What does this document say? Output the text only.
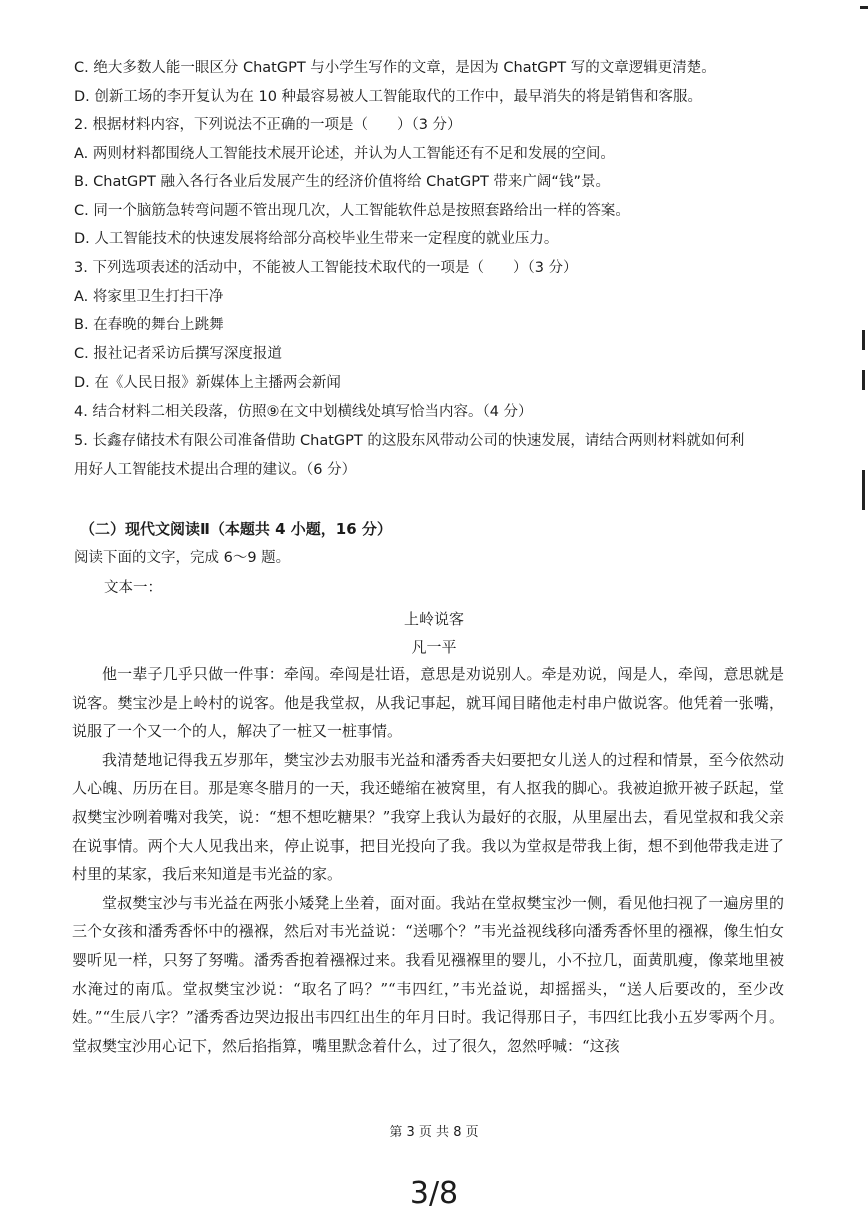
C. 绝大多数人能一眼区分 ChatGPT 与小学生写作的文章，是因为 ChatGPT 写的文章逻辑更清楚。
D. 创新工场的李开复认为在 10 种最容易被人工智能取代的工作中，最早消失的将是销售和客服。
2. 根据材料内容，下列说法不正确的一项是（　　）（3 分）
A. 两则材料都围绕人工智能技术展开论述，并认为人工智能还有不足和发展的空间。
B. ChatGPT 融入各行各业后发展产生的经济价值将给 ChatGPT 带来广阔“钱”景。
C. 同一个脑筋急转弯问题不管出现几次，人工智能软件总是按照套路给出一样的答案。
D. 人工智能技术的快速发展将给部分高校毕业生带来一定程度的就业压力。
3. 下列选项表述的活动中，不能被人工智能技术取代的一项是（　　）（3 分）
A. 将家里卫生打扫干净
B. 在春晚的舞台上跳舞
C. 报社记者采访后撰写深度报道
D. 在《人民日报》新媒体上主播两会新闻
4. 结合材料二相关段落，仿照⑨在文中划横线处填写恰当内容。（4 分）
5. 长鑫存储技术有限公司准备借助 ChatGPT 的这股东风带动公司的快速发展，请结合两则材料就如何利
用好人工智能技术提出合理的建议。（6 分）
（二）现代文阅读Ⅱ（本题共 4 小题，16 分）
阅读下面的文字，完成 6～9 题。
文本一：
上岭说客
凡一平

他一辈子几乎只做一件事：牵闯。牵闯是壮语，意思是劝说别人。牵是劝说，闯是人，牵闯，意思就是说客。樊宝沙是上岭村的说客。他是我堂叔，从我记事起，就耳闻目睹他走村串户做说客。他凭着一张嘴，说服了一个又一个的人，解决了一桩又一桩事情。

我清楚地记得我五岁那年，樊宝沙去劝服韦光益和潘秀香夫妇要把女儿送人的过程和情景，至今依然动人心魄、历历在目。那是寒冬腊月的一天，我还蜷缩在被窝里，有人抠我的脚心。我被迫掀开被子跃起，堂叔樊宝沙咧着嘴对我笑，说：“想不想吃糖果？”我穿上我认为最好的衣服，从里屋出去，看见堂叔和我父亲在说事情。两个大人见我出来，停止说事，把目光投向了我。我以为堂叔是带我上街，想不到他带我走进了村里的某家，我后来知道是韦光益的家。

堂叔樊宝沙与韦光益在两张小矮凳上坐着，面对面。我站在堂叔樊宝沙一侧，看见他扫视了一遍房里的三个女孩和潘秀香怀中的襁褓，然后对韦光益说：“送哪个？”韦光益视线移向潘秀香怀里的襁褓，像生怕女婴听见一样，只努了努嘴。潘秀香抱着襁褓过来。我看见襁褓里的婴儿，小不拉几，面黄肌瘦，像菜地里被水淹过的南瓜。堂叔樊宝沙说：“取名了吗？”“韦四红，”韦光益说，却摇摇头，“送人后要改的，至少改姓。”“生辰八字？”潘秀香边哭边报出韦四红出生的年月日时。我记得那日子，韦四红比我小五岁零两个月。堂叔樊宝沙用心记下，然后掐指算，嘴里默念着什么，过了很久，忽然呼喊：“这孩

第 3 页 共 8 页
3/8
